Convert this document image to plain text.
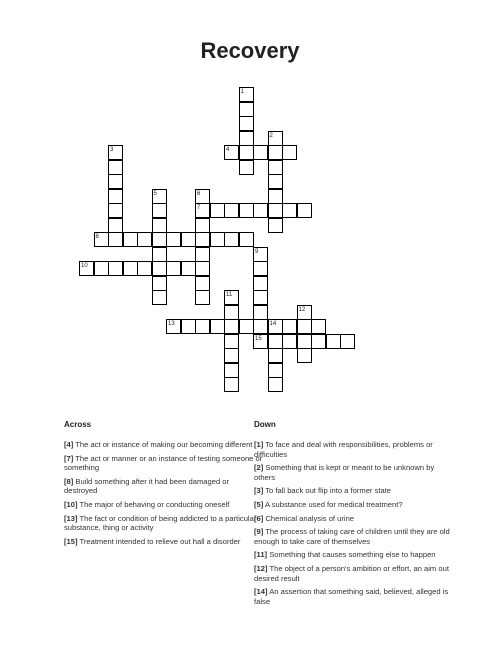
Recovery
1
2
3	4
5	6
7
8
9
10
11
12
13	14
15
Across

[4] The act or instance of making our becoming different

[7] The act or manner or an instance of testing someone or something

[8] Build something after it had been damaged or destroyed

[10] The major of behaving or conducting oneself

[13] The fact or condition of being addicted to a particular substance, thing or activity

[15] Treatment intended to relieve out hall a disorder

Down

[1] To face and deal with responsibilities, problems or difficulties

[2] Something that is kept or meant to be unknown by others

[3] To fall back out flip into a former state

[5] A substance used for medical treatment?

[6] Chemical analysis of urine

[9] The process of taking care of children until they are old enough to take care of themselves

[11] Something that causes something else to happen

[12] The object of a person's ambition or effort, an aim out desired result

[14] An assertion that something said, believed, alleged is false
